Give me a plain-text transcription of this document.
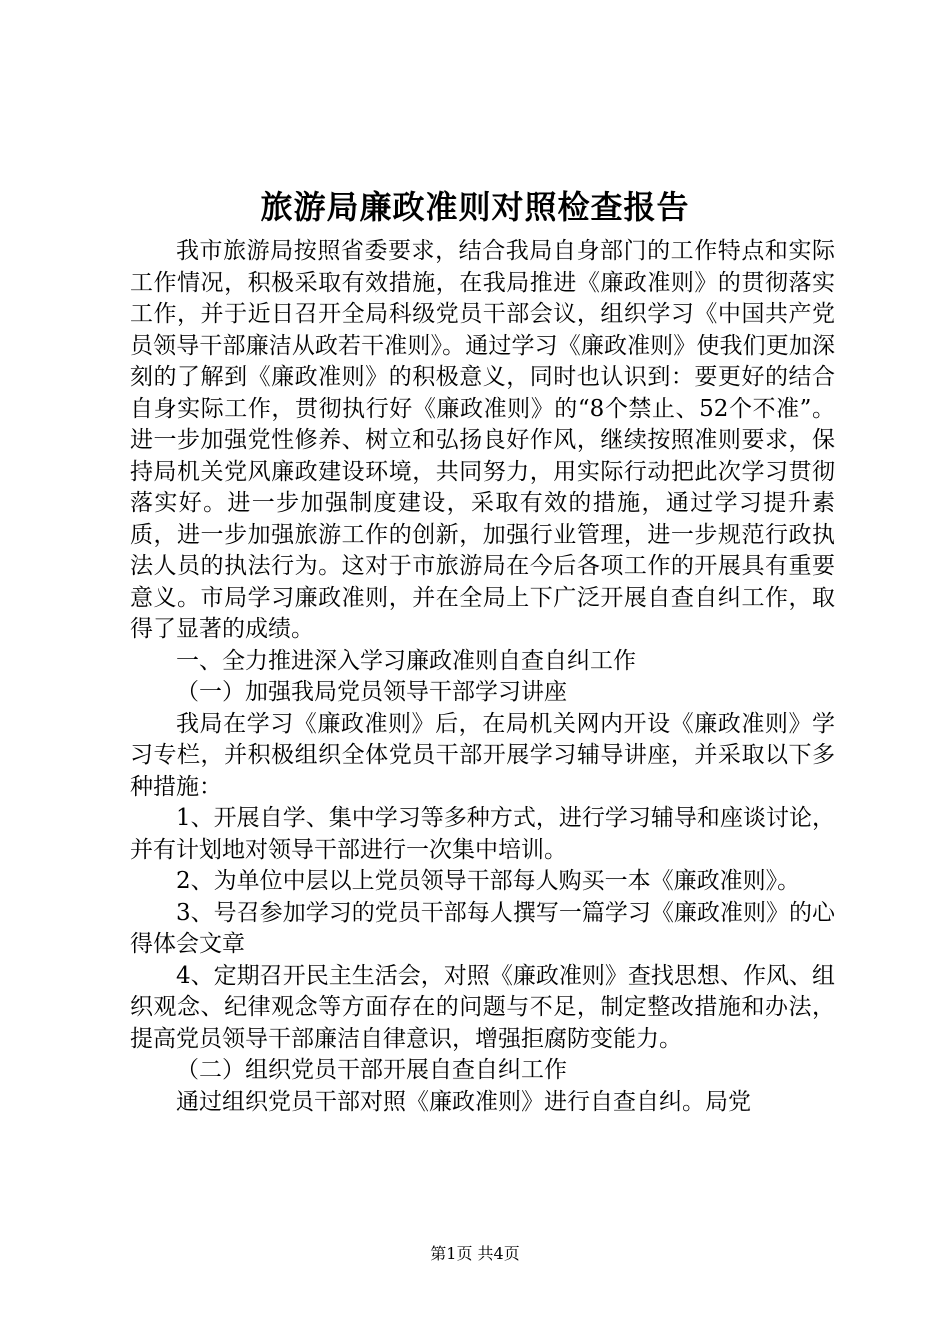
旅游局廉政准则对照检查报告

我市旅游局按照省委要求，结合我局自身部门的工作特点和实际工作情况，积极采取有效措施，在我局推进《廉政准则》的贯彻落实工作，并于近日召开全局科级党员干部会议，组织学习《中国共产党员领导干部廉洁从政若干准则》。通过学习《廉政准则》使我们更加深刻的了解到《廉政准则》的积极意义，同时也认识到：要更好的结合自身实际工作，贯彻执行好《廉政准则》的“8个禁止、52个不准”。进一步加强党性修养、树立和弘扬良好作风，继续按照准则要求，保持局机关党风廉政建设环境，共同努力，用实际行动把此次学习贯彻落实好。进一步加强制度建设，采取有效的措施，通过学习提升素质，进一步加强旅游工作的创新，加强行业管理，进一步规范行政执法人员的执法行为。这对于市旅游局在今后各项工作的开展具有重要意义。市局学习廉政准则，并在全局上下广泛开展自查自纠工作，取得了显著的成绩。

一、全力推进深入学习廉政准则自查自纠工作

（一）加强我局党员领导干部学习讲座

我局在学习《廉政准则》后，在局机关网内开设《廉政准则》学习专栏，并积极组织全体党员干部开展学习辅导讲座，并采取以下多种措施：

1、开展自学、集中学习等多种方式，进行学习辅导和座谈讨论，并有计划地对领导干部进行一次集中培训。

2、为单位中层以上党员领导干部每人购买一本《廉政准则》。

3、号召参加学习的党员干部每人撰写一篇学习《廉政准则》的心得体会文章

4、定期召开民主生活会，对照《廉政准则》查找思想、作风、组织观念、纪律观念等方面存在的问题与不足，制定整改措施和办法，提高党员领导干部廉洁自律意识，增强拒腐防变能力。

（二）组织党员干部开展自查自纠工作

通过组织党员干部对照《廉政准则》进行自查自纠。局党

第1页 共4页
